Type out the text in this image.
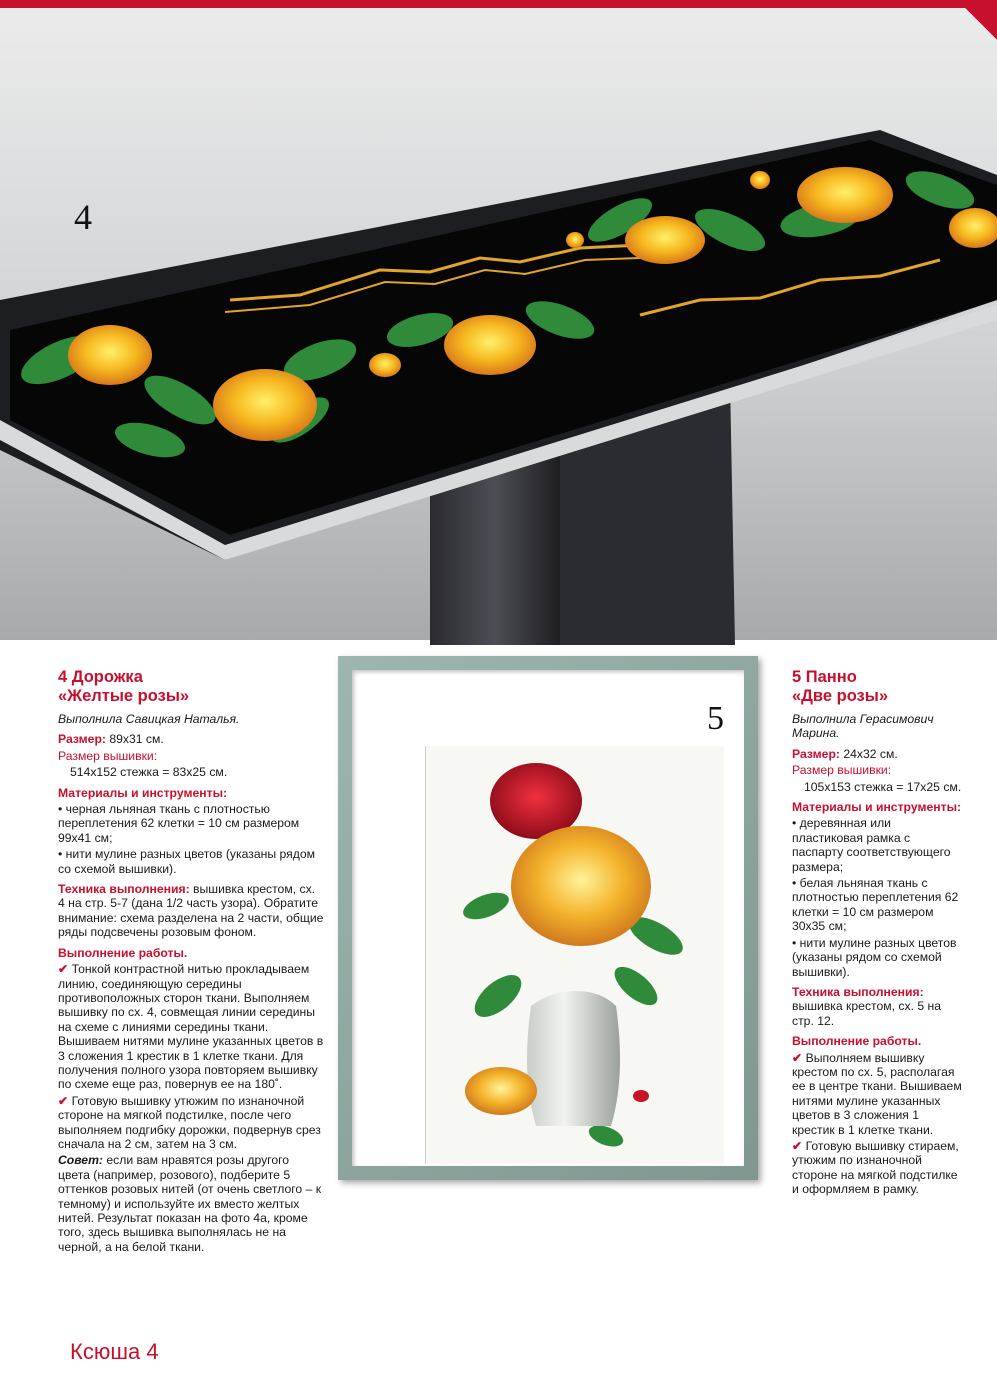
4
5
4 Дорожка
«Желтые розы»

Выполнила Савицкая Наталья.

Размер: 89х31 см.

Размер вышивки:

514х152 стежка = 83х25 см.

Материалы и инструменты:

• черная льняная ткань с плотностью переплетения 62 клетки = 10 см размером 99х41 см;

• нити мулине разных цветов (указаны рядом со схемой вышивки).

Техника выполнения: вышивка крестом, сх. 4 на стр. 5-7 (дана 1/2 часть узора). Обратите внимание: схема разделена на 2 части, общие ряды подсвечены розовым фоном.

Выполнение работы.

✔ Тонкой контрастной нитью прокладываем линию, соединяющую середины противоположных сторон ткани. Выполняем вышивку по сх. 4, совмещая линии середины на схеме с линиями середины ткани. Вышиваем нитями мулине указанных цветов в 3 сложения 1 крестик в 1 клетке ткани. Для получения полного узора повторяем вышивку по схеме еще раз, повернув ее на 180˚.

✔ Готовую вышивку утюжим по изнаночной стороне на мягкой подстилке, после чего выполняем подгибку дорожки, подвернув срез сначала на 2 см, затем на 3 см.

Совет: если вам нравятся розы другого цвета (например, розового), подберите 5 оттенков розовых нитей (от очень светлого – к темному) и используйте их вместо желтых нитей. Результат показан на фото 4а, кроме того, здесь вышивка выполнялась не на черной, а на белой ткани.

5 Панно
«Две розы»

Выполнила Герасимович Марина.

Размер: 24х32 см.

Размер вышивки:

105х153 стежка = 17х25 см.

Материалы и инструменты:

• деревянная или пластиковая рамка с паспарту соответствующего размера;

• белая льняная ткань с плотностью переплетения 62 клетки = 10 см размером 30х35 см;

• нити мулине разных цветов (указаны рядом со схемой вышивки).

Техника выполнения: вышивка крестом, сх. 5 на стр. 12.

Выполнение работы.

✔ Выполняем вышивку крестом по сх. 5, располагая ее в центре ткани. Вышиваем нитями мулине указанных цветов в 3 сложения 1 крестик в 1 клетке ткани.

✔ Готовую вышивку стираем, утюжим по изнаночной стороне на мягкой подстилке и оформляем в рамку.

Ксюша 4
